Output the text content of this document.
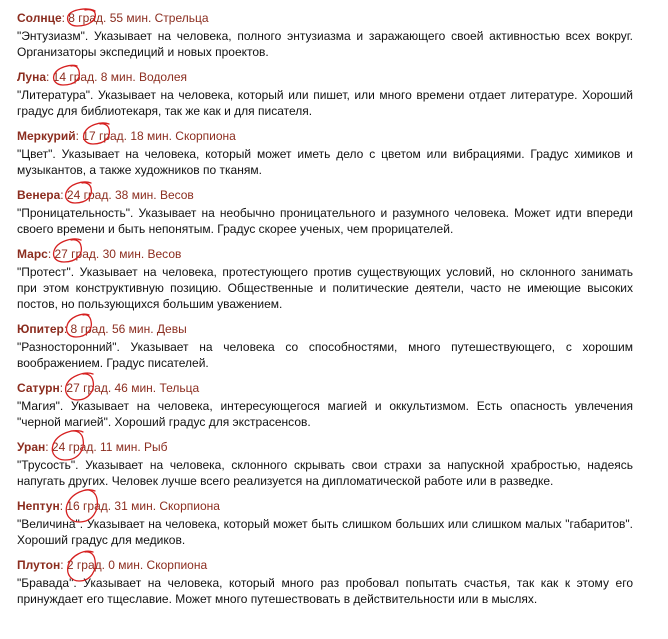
Солнце: 8 град. 55 мин. Стрельца
"Энтузиазм". Указывает на человека, полного энтузиазма и заражающего своей активностью всех вокруг. Организаторы экспедиций и новых проектов.
Луна: 14 град. 8 мин. Водолея
"Литература". Указывает на человека, который или пишет, или много времени отдает литературе. Хороший градус для библиотекаря, так же как и для писателя.
Меркурий: 17 град. 18 мин. Скорпиона
"Цвет". Указывает на человека, который может иметь дело с цветом или вибрациями. Градус химиков и музыкантов, а также художников по тканям.
Венера: 24 град. 38 мин. Весов
"Проницательность". Указывает на необычно проницательного и разумного человека. Может идти впереди своего времени и быть непонятым. Градус скорее ученых, чем прорицателей.
Марс: 27 град. 30 мин. Весов
"Протест". Указывает на человека, протестующего против существующих условий, но склонного занимать при этом конструктивную позицию. Общественные и политические деятели, часто не имеющие высоких постов, но пользующихся большим уважением.
Юпитер: 8 град. 56 мин. Девы
"Разносторонний". Указывает на человека со способностями, много путешествующего, с хорошим воображением. Градус писателей.
Сатурн: 27 град. 46 мин. Тельца
"Магия". Указывает на человека, интересующегося магией и оккультизмом. Есть опасность увлечения "черной магией". Хороший градус для экстрасенсов.
Уран: 24 град. 11 мин. Рыб
"Трусость". Указывает на человека, склонного скрывать свои страхи за напускной храбростью, надеясь напугать других. Человек лучше всего реализуется на дипломатической работе или в разведке.
Нептун: 16 град. 31 мин. Скорпиона
"Величина". Указывает на человека, который может быть слишком больших или слишком малых "габаритов". Хороший градус для медиков.
Плутон: 2 град. 0 мин. Скорпиона
"Бравада". Указывает на человека, который много раз пробовал попытать счастья, так как к этому его принуждает его тщеславие. Может много путешествовать в действительности или в мыслях.
